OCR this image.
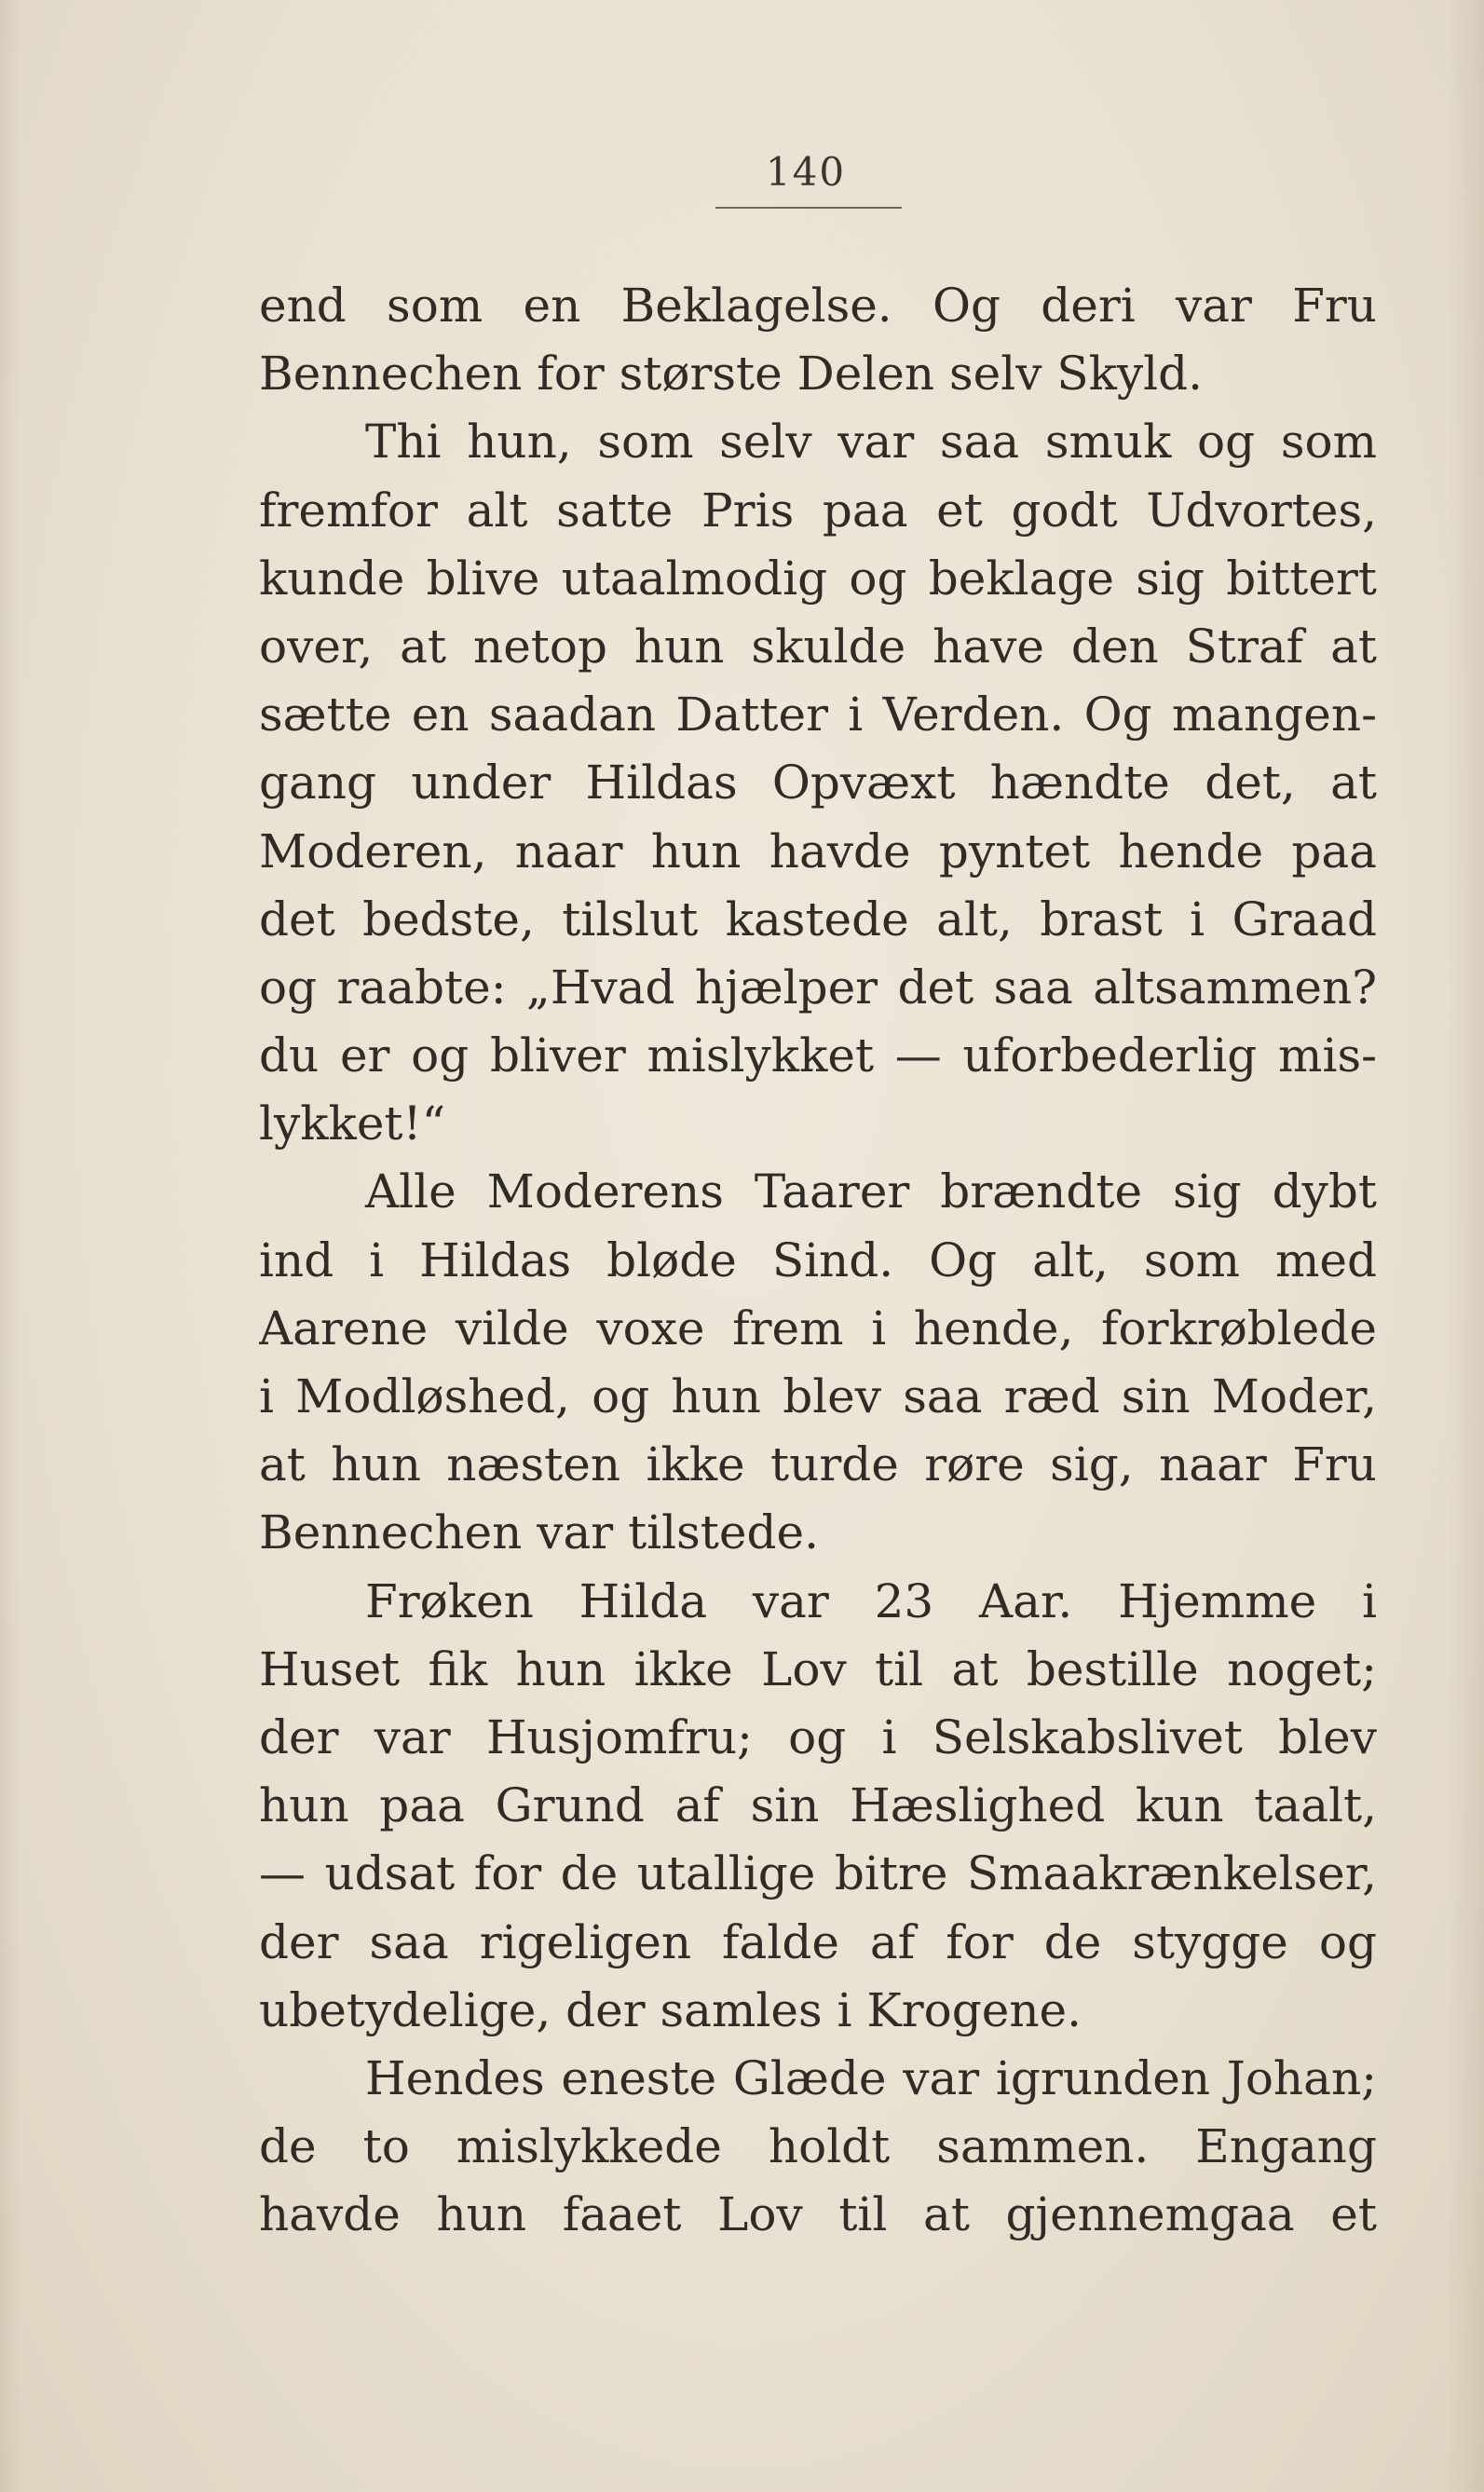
140
end som en Beklagelse. Og deri var Fru
Bennechen for største Delen selv Skyld.
Thi hun, som selv var saa smuk og som
fremfor alt satte Pris paa et godt Udvortes,
kunde blive utaalmodig og beklage sig bittert
over, at netop hun skulde have den Straf at
sætte en saadan Datter i Verden. Og mangen-
gang under Hildas Opvæxt hændte det, at
Moderen, naar hun havde pyntet hende paa
det bedste, tilslut kastede alt, brast i Graad
og raabte: „Hvad hjælper det saa altsammen?
du er og bliver mislykket — uforbederlig mis-
lykket!“
Alle Moderens Taarer brændte sig dybt
ind i Hildas bløde Sind. Og alt, som med
Aarene vilde voxe frem i hende, forkrøblede
i Modløshed, og hun blev saa ræd sin Moder,
at hun næsten ikke turde røre sig, naar Fru
Bennechen var tilstede.
Frøken Hilda var 23 Aar. Hjemme i
Huset fik hun ikke Lov til at bestille noget;
der var Husjomfru; og i Selskabslivet blev
hun paa Grund af sin Hæslighed kun taalt,
— udsat for de utallige bitre Smaakrænkelser,
der saa rigeligen falde af for de stygge og
ubetydelige, der samles i Krogene.
Hendes eneste Glæde var igrunden Johan;
de to mislykkede holdt sammen. Engang
havde hun faaet Lov til at gjennemgaa et
